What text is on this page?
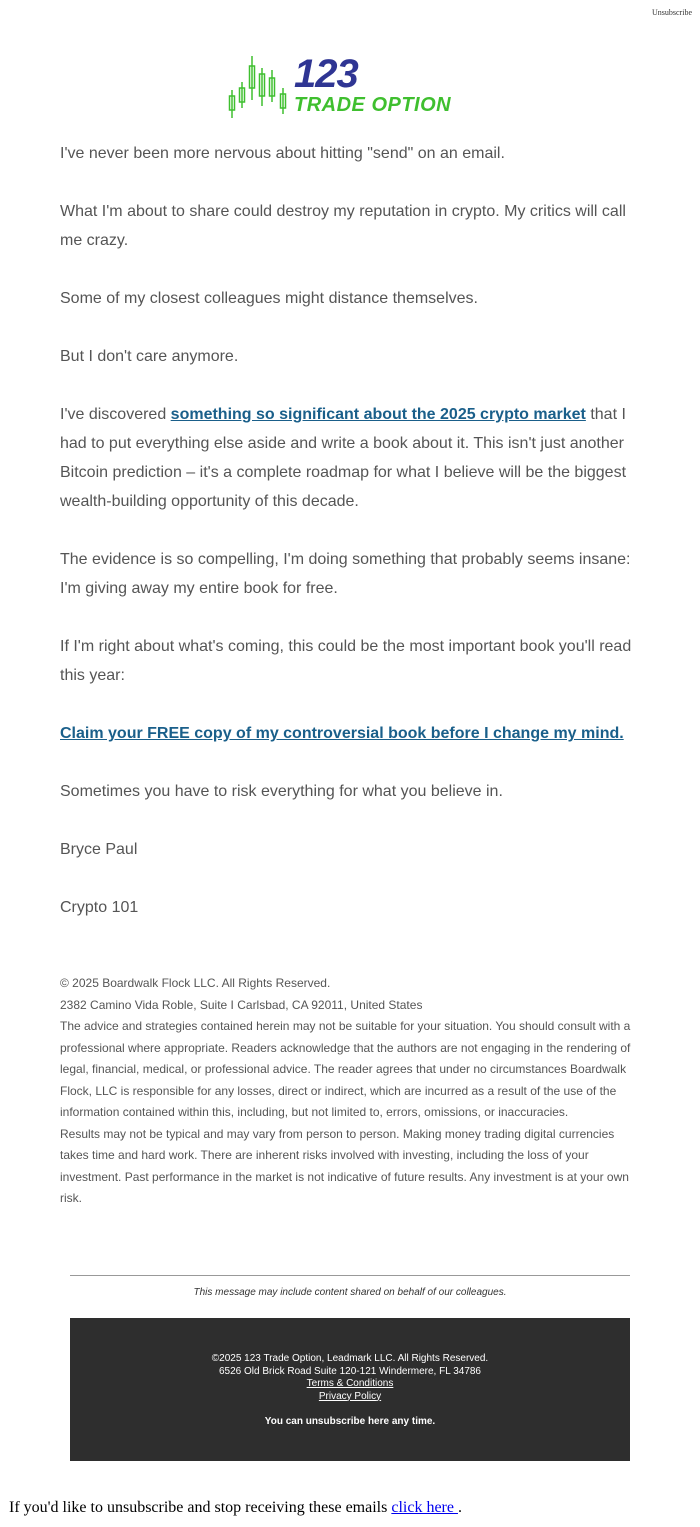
Unsubscribe
123
TRADE OPTION

I've never been more nervous about hitting "send" on an email.

What I'm about to share could destroy my reputation in crypto. My critics will call me crazy.

Some of my closest colleagues might distance themselves.

But I don't care anymore.

I've discovered something so significant about the 2025 crypto market that I had to put everything else aside and write a book about it. This isn't just another Bitcoin prediction – it's a complete roadmap for what I believe will be the biggest wealth-building opportunity of this decade.

The evidence is so compelling, I'm doing something that probably seems insane: I'm giving away my entire book for free.

If I'm right about what's coming, this could be the most important book you'll read this year:

Claim your FREE copy of my controversial book before I change my mind.

Sometimes you have to risk everything for what you believe in.

Bryce Paul

Crypto 101

© 2025 Boardwalk Flock LLC. All Rights Reserved.

2382 Camino Vida Roble, Suite I Carlsbad, CA 92011, United States

The advice and strategies contained herein may not be suitable for your situation. You should consult with a professional where appropriate. Readers acknowledge that the authors are not engaging in the rendering of legal, financial, medical, or professional advice. The reader agrees that under no circumstances Boardwalk Flock, LLC is responsible for any losses, direct or indirect, which are incurred as a result of the use of the information contained within this, including, but not limited to, errors, omissions, or inaccuracies.

Results may not be typical and may vary from person to person. Making money trading digital currencies takes time and hard work. There are inherent risks involved with investing, including the loss of your investment. Past performance in the market is not indicative of future results. Any investment is at your own risk.

This message may include content shared on behalf of our colleagues.
©2025 123 Trade Option, Leadmark LLC. All Rights Reserved.
6526 Old Brick Road Suite 120-121 Windermere, FL 34786
Terms & Conditions
Privacy Policy
You can unsubscribe here any time.
If you'd like to unsubscribe and stop receiving these emails click here .
